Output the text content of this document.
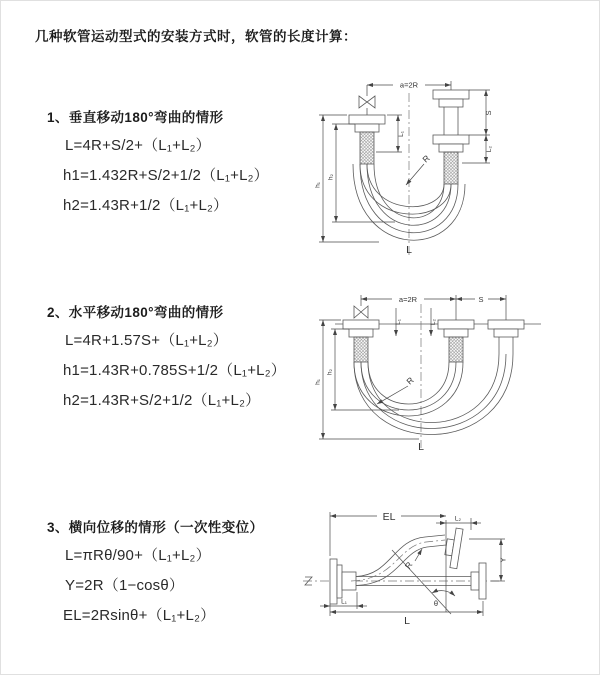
几种软管运动型式的安装方式时，软管的长度计算：
1、垂直移动180°弯曲的情形
L=4R+S/2+（L₁+L₂）
h1=1.432R+S/2+1/2（L₁+L₂）
h2=1.43R+1/2（L₁+L₂）
2、水平移动180°弯曲的情形
L=4R+1.57S+（L₁+L₂）
h1=1.43R+0.785S+1/2（L₁+L₂）
h2=1.43R+S/2+1/2（L₁+L₂）
3、横向位移的情形（一次性变位）
L=πRθ/90+（L₁+L₂）
Y=2R（1−cosθ）
EL=2Rsinθ+（L₁+L₂）
a=2R
L₁
S
L₂
R
h₁
h₂
L
a=2R	S
L₁	L₂
R
h₁
h₂
L
θ
R
EL	L₂
Y
L
L₁
